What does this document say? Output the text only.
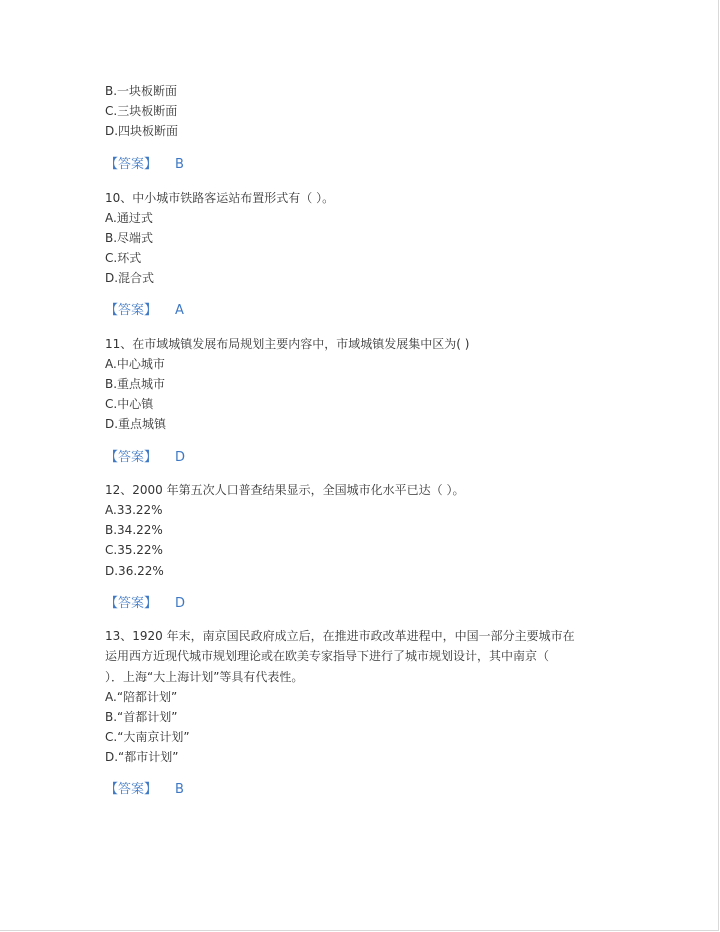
B.一块板断面
C.三块板断面
D.四块板断面
【答案】 B
10、中小城市铁路客运站布置形式有（ ）。
A.通过式
B.尽端式
C.环式
D.混合式
【答案】 A
11、在市域城镇发展布局规划主要内容中，市域城镇发展集中区为( )
A.中心城市
B.重点城市
C.中心镇
D.重点城镇
【答案】 D
12、2000 年第五次人口普查结果显示，全国城市化水平已达（ ）。
A.33.22%
B.34.22%
C.35.22%
D.36.22%
【答案】 D
13、1920 年末，南京国民政府成立后，在推进市政改革进程中，中国一部分主要城市在
运用西方近现代城市规划理论或在欧美专家指导下进行了城市规划设计，其中南京（
）．上海“大上海计划”等具有代表性。
A.“陪都计划”
B.“首都计划”
C.“大南京计划”
D.“都市计划”
【答案】 B
